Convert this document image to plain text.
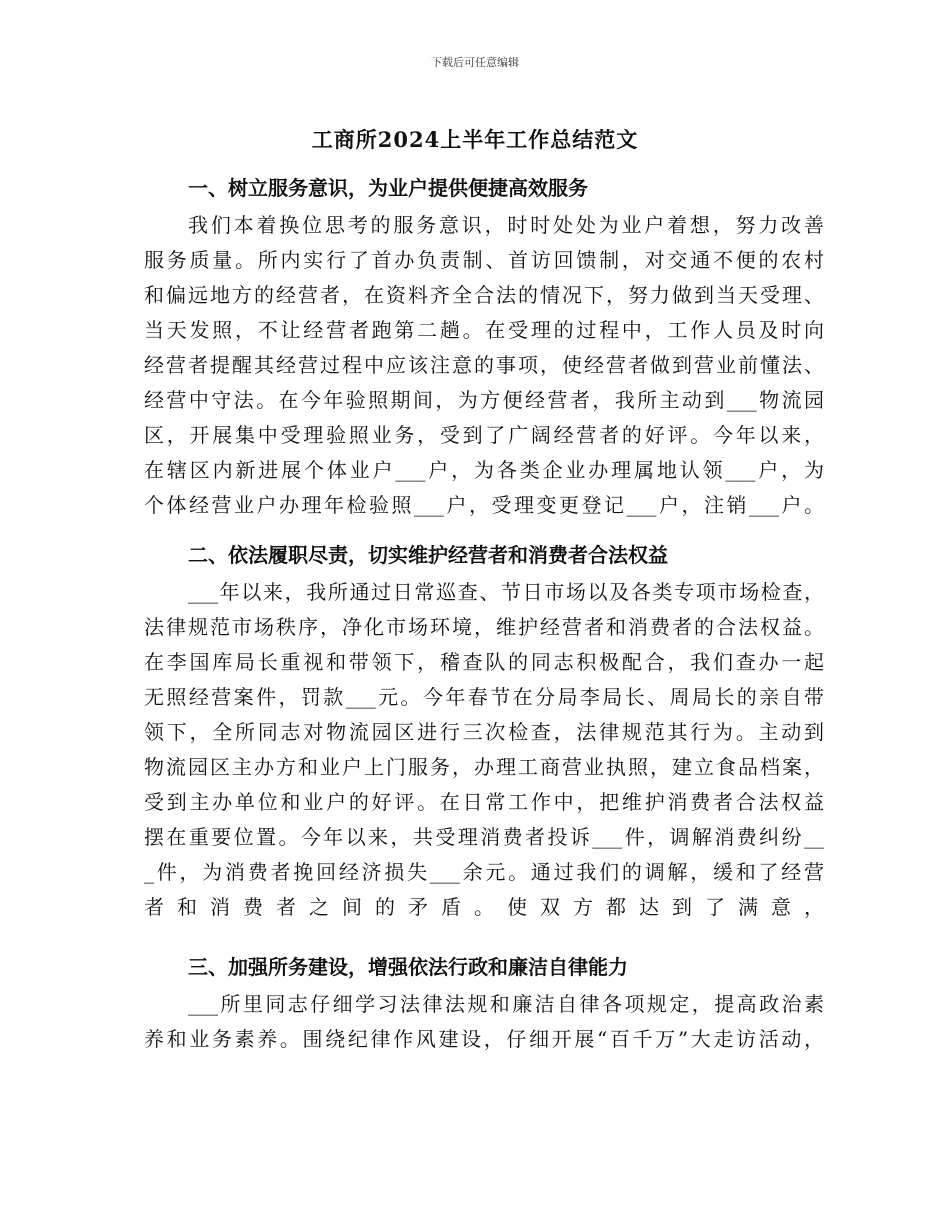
下载后可任意编辑
工商所2024上半年工作总结范文
一、树立服务意识，为业户提供便捷高效服务
我们本着换位思考的服务意识，时时处处为业户着想，努力改善
服务质量。所内实行了首办负责制、首访回馈制，对交通不便的农村
和偏远地方的经营者，在资料齐全合法的情况下，努力做到当天受理、
当天发照，不让经营者跑第二趟。在受理的过程中，工作人员及时向
经营者提醒其经营过程中应该注意的事项，使经营者做到营业前懂法、
经营中守法。在今年验照期间，为方便经营者，我所主动到___物流园
区，开展集中受理验照业务，受到了广阔经营者的好评。今年以来，
在辖区内新进展个体业户___户，为各类企业办理属地认领___户，为
个体经营业户办理年检验照___户，受理变更登记___户，注销___户。
二、依法履职尽责，切实维护经营者和消费者合法权益
___年以来，我所通过日常巡查、节日市场以及各类专项市场检查，
法律规范市场秩序，净化市场环境，维护经营者和消费者的合法权益。
在李国库局长重视和带领下，稽查队的同志积极配合，我们查办一起
无照经营案件，罚款___元。今年春节在分局李局长、周局长的亲自带
领下，全所同志对物流园区进行三次检查，法律规范其行为。主动到
物流园区主办方和业户上门服务，办理工商营业执照，建立食品档案，
受到主办单位和业户的好评。在日常工作中，把维护消费者合法权益
摆在重要位置。今年以来，共受理消费者投诉___件，调解消费纠纷__
_件，为消费者挽回经济损失___余元。通过我们的调解，缓和了经营
者和消费者之间的矛盾。使双方都达到了满意，
三、加强所务建设，增强依法行政和廉洁自律能力
___所里同志仔细学习法律法规和廉洁自律各项规定，提高政治素
养和业务素养。围绕纪律作风建设，仔细开展“百千万”大走访活动，
